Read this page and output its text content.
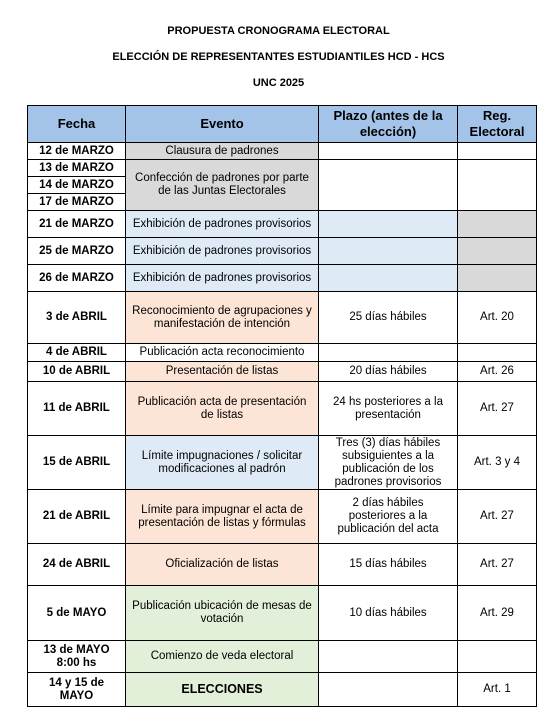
PROPUESTA CRONOGRAMA ELECTORAL
ELECCIÓN DE REPRESENTANTES ESTUDIANTILES HCD - HCS
UNC 2025
Fecha	Evento	Plazo (antes de la elección)	Reg. Electoral
12 de MARZO	Clausura de padrones		
13 de MARZO	Confección de padrones por parte de las Juntas Electorales		
14 de MARZO			
17 de MARZO			
21 de MARZO	Exhibición de padrones provisorios		
25 de MARZO	Exhibición de padrones provisorios		
26 de MARZO	Exhibición de padrones provisorios		
3 de ABRIL	Reconocimiento de agrupaciones y manifestación de intención	25 días hábiles	Art. 20
4 de ABRIL	Publicación acta reconocimiento		
10 de ABRIL	Presentación de listas	20 días hábiles	Art. 26
11 de ABRIL	Publicación acta de presentación de listas	24 hs posteriores a la presentación	Art. 27
15 de ABRIL	Límite impugnaciones / solicitar modificaciones al padrón	Tres (3) días hábiles subsiguientes a la publicación de los padrones provisorios	Art. 3 y 4
21 de ABRIL	Límite para impugnar el acta de presentación de listas y fórmulas	2 días hábiles posteriores a la publicación del acta	Art. 27
24 de ABRIL	Oficialización de listas	15 días hábiles	Art. 27
5 de MAYO	Publicación ubicación de mesas de votación	10 días hábiles	Art. 29
13 de MAYO 8:00 hs	Comienzo de veda electoral		
14 y 15 de MAYO	ELECCIONES		Art. 1
